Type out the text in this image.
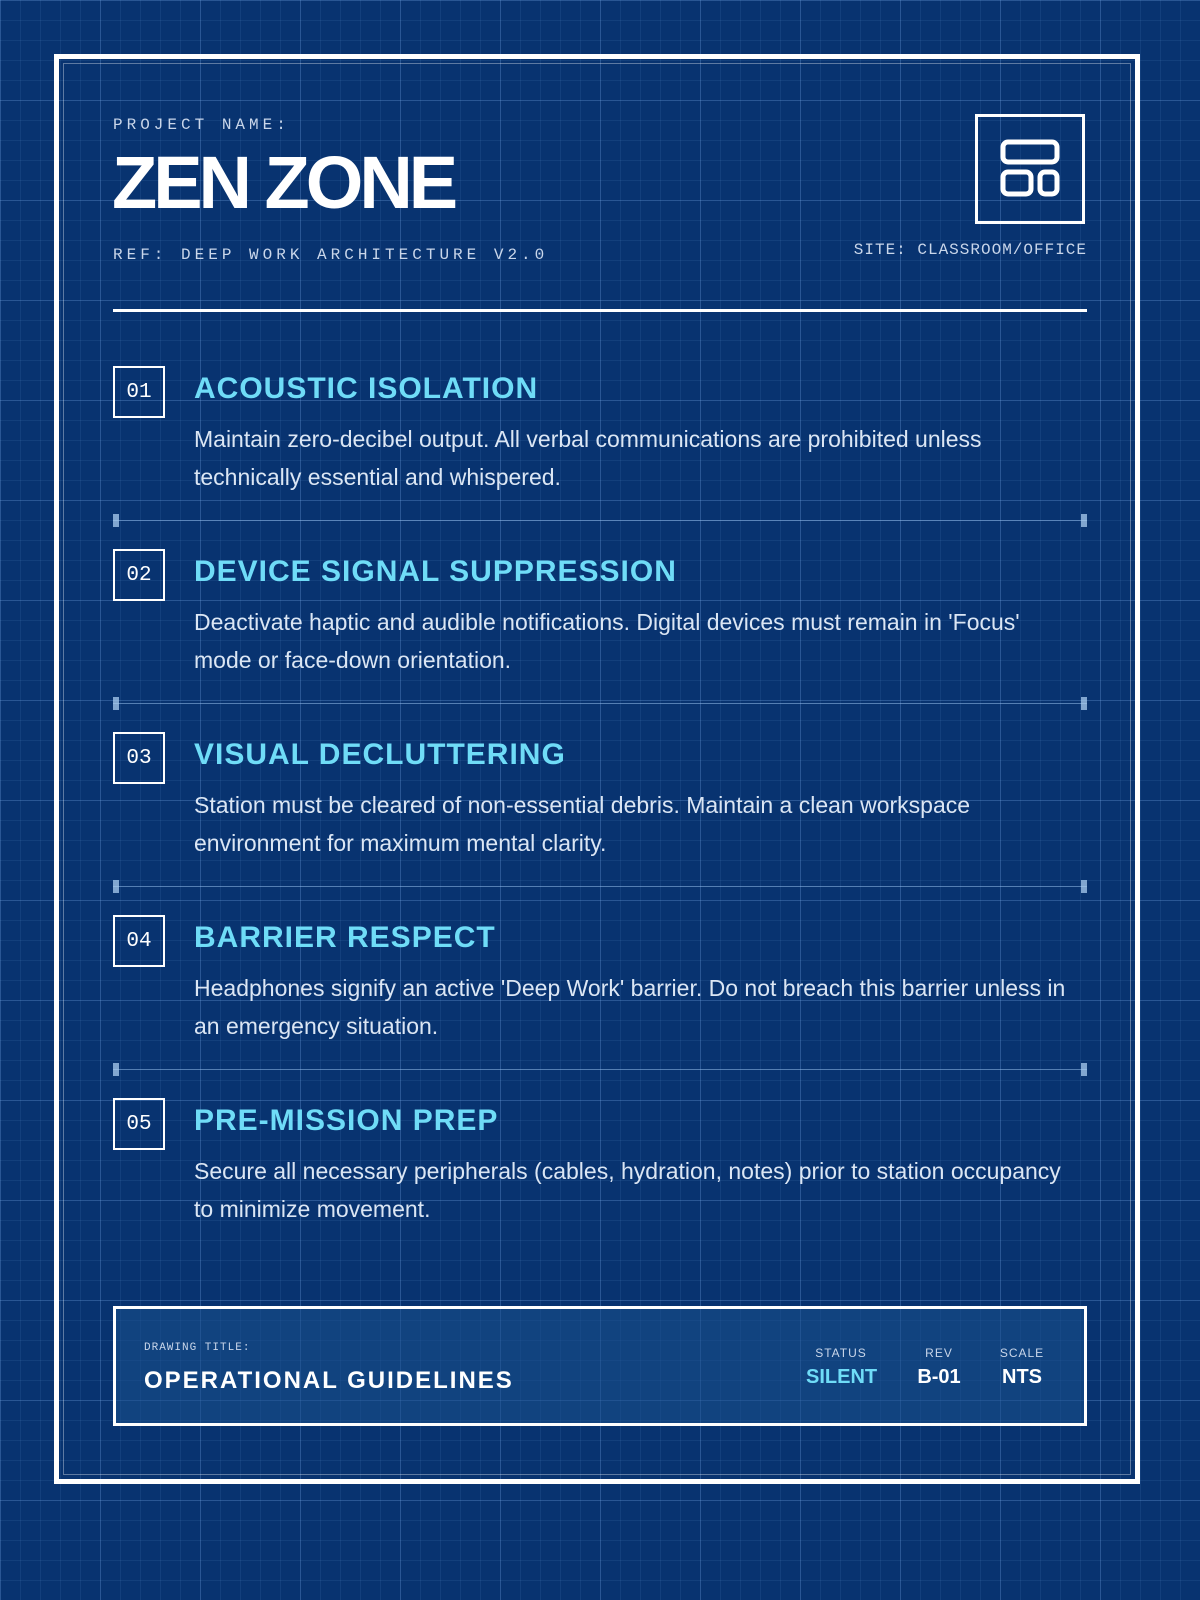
PROJECT NAME:
ZEN ZONE
REF: DEEP WORK ARCHITECTURE V2.0	SITE: CLASSROOM/OFFICE
01	ACOUSTIC ISOLATION
Maintain zero-decibel output. All verbal communications are prohibited unless technically essential and whispered.
02	DEVICE SIGNAL SUPPRESSION
Deactivate haptic and audible notifications. Digital devices must remain in 'Focus' mode or face-down orientation.
03	VISUAL DECLUTTERING
Station must be cleared of non-essential debris. Maintain a clean workspace environment for maximum mental clarity.
04	BARRIER RESPECT
Headphones signify an active 'Deep Work' barrier. Do not breach this barrier unless in an emergency situation.
05	PRE-MISSION PREP
Secure all necessary peripherals (cables, hydration, notes) prior to station occupancy to minimize movement.
DRAWING TITLE:
OPERATIONAL GUIDELINES
STATUS
SILENT
REV
B-01
SCALE
NTS
